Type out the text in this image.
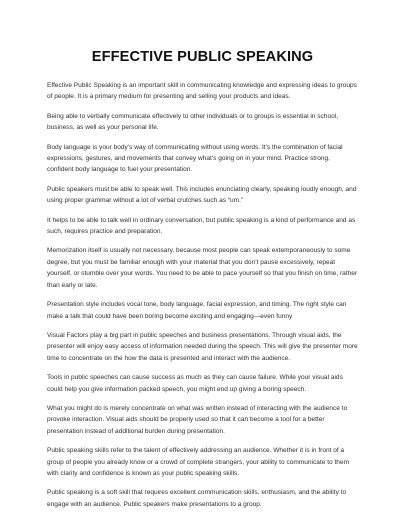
EFFECTIVE PUBLIC SPEAKING

Effective Public Speaking is an important skill in communicating knowledge and expressing ideas to groups of people. It is a primary medium for presenting and selling your products and ideas.

Being able to verbally communicate effectively to other individuals or to groups is essential in school, business, as well as your personal life.

Body language is your body’s way of communicating without using words. It’s the combination of facial expressions, gestures, and movements that convey what’s going on in your mind. Practice strong, confident body language to fuel your presentation.

Public speakers must be able to speak well. This includes enunciating clearly, speaking loudly enough, and using proper grammar without a lot of verbal crutches such as “um.”

It helps to be able to talk well in ordinary conversation, but public speaking is a kind of performance and as such, requires practice and preparation.

Memorization itself is usually not necessary, because most people can speak extemporaneously to some degree, but you must be familiar enough with your material that you don’t pause excessively, repeat yourself, or stumble over your words. You need to be able to pace yourself so that you finish on time, rather than early or late.

Presentation style includes vocal tone, body language, facial expression, and timing. The right style can make a talk that could have been boring become exciting and engaging—even funny

Visual Factors play a big part in public speeches and business presentations. Through visual aids, the presenter will enjoy easy access of information needed during the speech. This will give the presenter more time to concentrate on the how the data is presented and interact with the audience.

Tools in public speeches can cause success as much as they can cause failure. While your visual aids could help you give information packed speech, you might end up giving a boring speech.

What you might do is merely concentrate on what was written instead of interacting with the audience to provoke interaction. Visual aids should be properly used so that it can become a tool for a better presentation instead of additional burden during presentation.

Public speaking skills refer to the talent of effectively addressing an audience. Whether it is in front of a group of people you already know or a crowd of complete strangers, your ability to communicate to them with clarity and confidence is known as your public speaking skills.

Public speaking is a soft skill that requires excellent communication skills, enthusiasm, and the ability to engage with an audience. Public speakers make presentations to a group.
